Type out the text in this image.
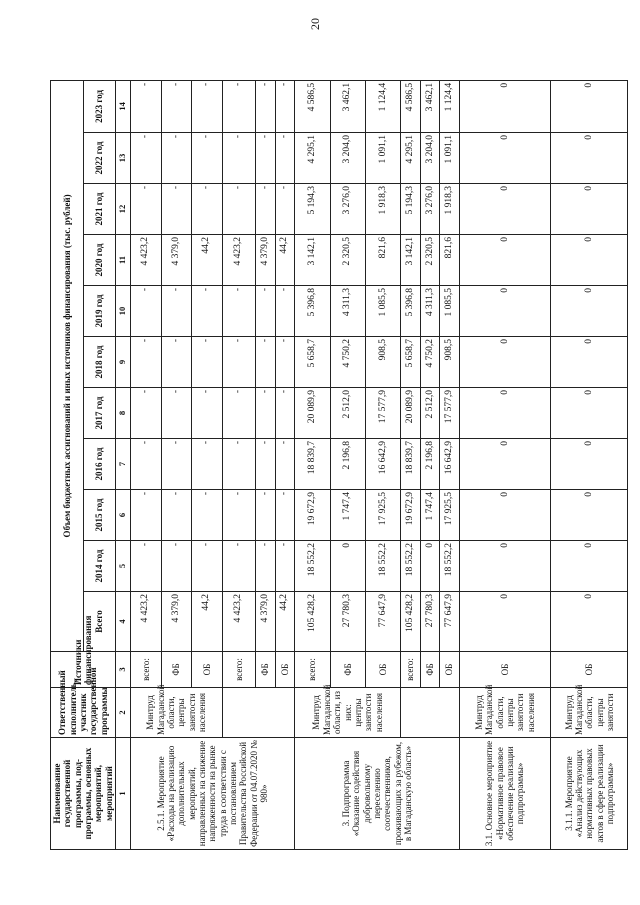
20
Наименование государственной программы, под-программы, основных мероприятий, мероприятий	Ответственный исполнитель, участник государственной программы	Источники финансирования	Объем бюджетных ассигнований и иных источников финансирования (тыс. рублей)										
			Всего	2014 год	2015 год	2016 год	2017 год	2018 год	2019 год	2020 год	2021 год	2022 год	2023 год
1	2	3	4	5	6	7	8	9	10	11	12	13	14
2.5.1. Мероприятие «Расходы на реализацию дополнительных мероприятий, направленных на снижение напряженности на рынке труда в соответствии с постановлением Правительства Российской Федерации от 04.07.2020 № 980»	Минтруд Магаданской области, центры занятости населения	всего:	4 423,2	-	-	-	-	-	-	4 423,2	-	-	-
		ФБ	4 379,0	-	-	-	-	-	-	4 379,0	-	-	-
		ОБ	44,2	-	-	-	-	-	-	44,2	-	-	-
		всего:	4 423,2	-	-	-	-	-	-	4 423,2	-	-	-
		ФБ	4 379,0	-	-	-	-	-	-	4 379,0	-	-	-
		ОБ	44,2	-	-	-	-	-	-	44,2	-	-	-
3. Подпрограмма «Оказание содействия добровольному переселению соотечественников, проживающих за рубежом, в Магаданскую область»	Минтруд Магаданской области, из них: центры занятости населения	всего:	105 428,2	18 552,2	19 672,9	18 839,7	20 089,9	5 658,7	5 396,8	3 142,1	5 194,3	4 295,1	4 586,5
		ФБ	27 780,3	0	1 747,4	2 196,8	2 512,0	4 750,2	4 311,3	2 320,5	3 276,0	3 204,0	3 462,1
		ОБ	77 647,9	18 552,2	17 925,5	16 642,9	17 577,9	908,5	1 085,5	821,6	1 918,3	1 091,1	1 124,4
		всего:	105 428,2	18 552,2	19 672,9	18 839,7	20 089,9	5 658,7	5 396,8	3 142,1	5 194,3	4 295,1	4 586,5
		ФБ	27 780,3	0	1 747,4	2 196,8	2 512,0	4 750,2	4 311,3	2 320,5	3 276,0	3 204,0	3 462,1
		ОБ	77 647,9	18 552,2	17 925,5	16 642,9	17 577,9	908,5	1 085,5	821,6	1 918,3	1 091,1	1 124,4
3.1. Основное мероприятие «Нормативное правовое обеспечение реализации подпрограммы»	Минтруд Магаданской области, центры занятости населения	ОБ	0	0	0	0	0	0	0	0	0	0	0
3.1.1. Мероприятие «Анализ действующих нормативных правовых актов в сфере реализации подпрограммы»	Минтруд Магаданской области, центры занятости	ОБ	0	0	0	0	0	0	0	0	0	0	0
